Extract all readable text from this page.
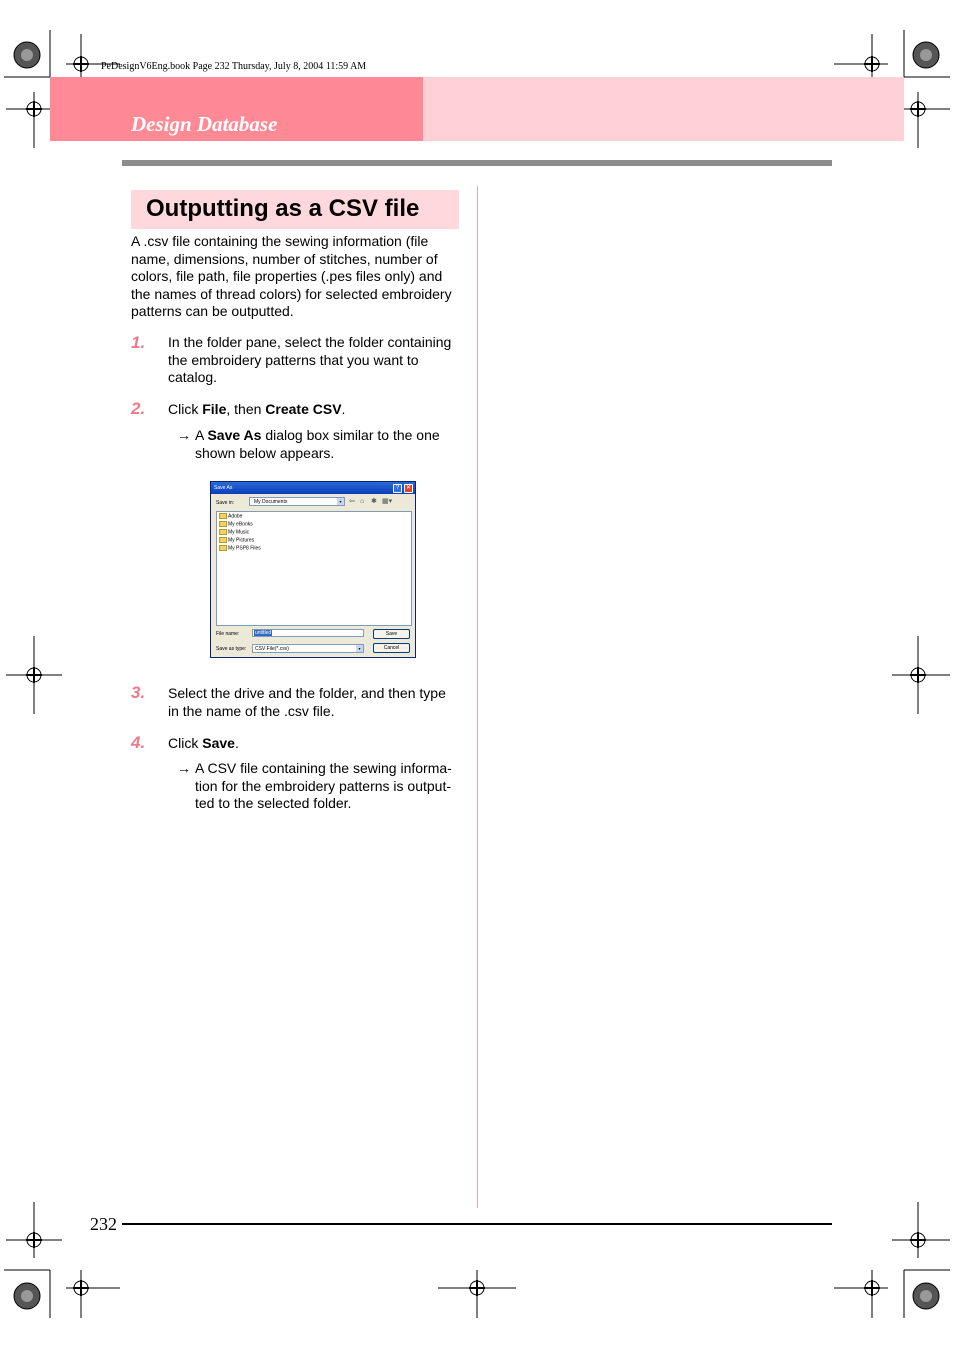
PeDesignV6Eng.book Page 232 Thursday, July 8, 2004 11:59 AM
Design Database
Outputting as a CSV file
A .csv file containing the sewing information (file name, dimensions, number of stitches, number of colors, file path, file properties (.pes files only) and the names of thread colors) for selected embroidery patterns can be outputted.
1. In the folder pane, select the folder containing the embroidery patterns that you want to catalog.
2. Click File, then Create CSV.
→ A Save As dialog box similar to the one shown below appears.
Save As	?	✕
Save in:	My Documents	▾	⇦ ⌂ ✱ ▦▾
Adobe
My eBooks
My Music
My Pictures
My PSP8 Files
File name:	untitled
Save as type: CSV File(*.csv)	▾
Save
Cancel
3. Select the drive and the folder, and then type in the name of the .csv file.
4. Click Save.
→ A CSV file containing the sewing informa-tion for the embroidery patterns is output-ted to the selected folder.
232
